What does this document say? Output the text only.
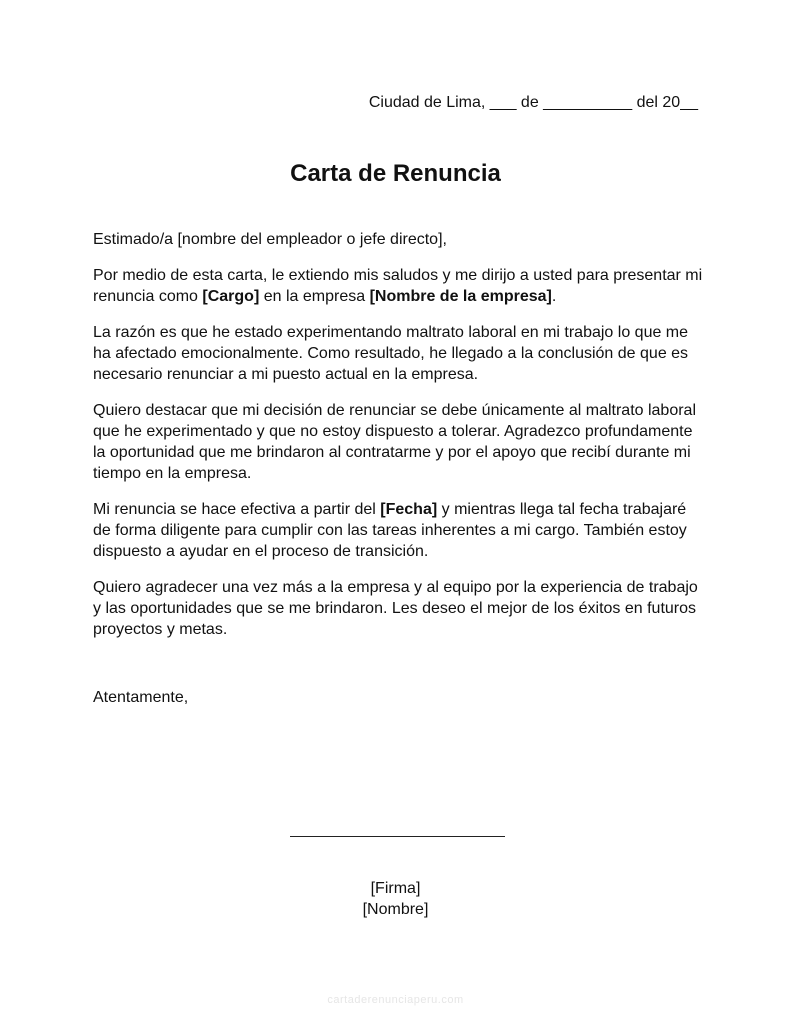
Ciudad de Lima, ___ de __________ del 20__
Carta de Renuncia

Estimado/a [nombre del empleador o jefe directo],

Por medio de esta carta, le extiendo mis saludos y me dirijo a usted para presentar mi renuncia como [Cargo] en la empresa [Nombre de la empresa].

La razón es que he estado experimentando maltrato laboral en mi trabajo lo que me ha afectado emocionalmente. Como resultado, he llegado a la conclusión de que es necesario renunciar a mi puesto actual en la empresa.

Quiero destacar que mi decisión de renunciar se debe únicamente al maltrato laboral que he experimentado y que no estoy dispuesto a tolerar. Agradezco profundamente la oportunidad que me brindaron al contratarme y por el apoyo que recibí durante mi tiempo en la empresa.

Mi renuncia se hace efectiva a partir del [Fecha] y mientras llega tal fecha trabajaré de forma diligente para cumplir con las tareas inherentes a mi cargo. También estoy dispuesto a ayudar en el proceso de transición.

Quiero agradecer una vez más a la empresa y al equipo por la experiencia de trabajo y las oportunidades que se me brindaron. Les deseo el mejor de los éxitos en futuros proyectos y metas.

Atentamente,
[Firma]
[Nombre]
cartaderenunciaperu.com
